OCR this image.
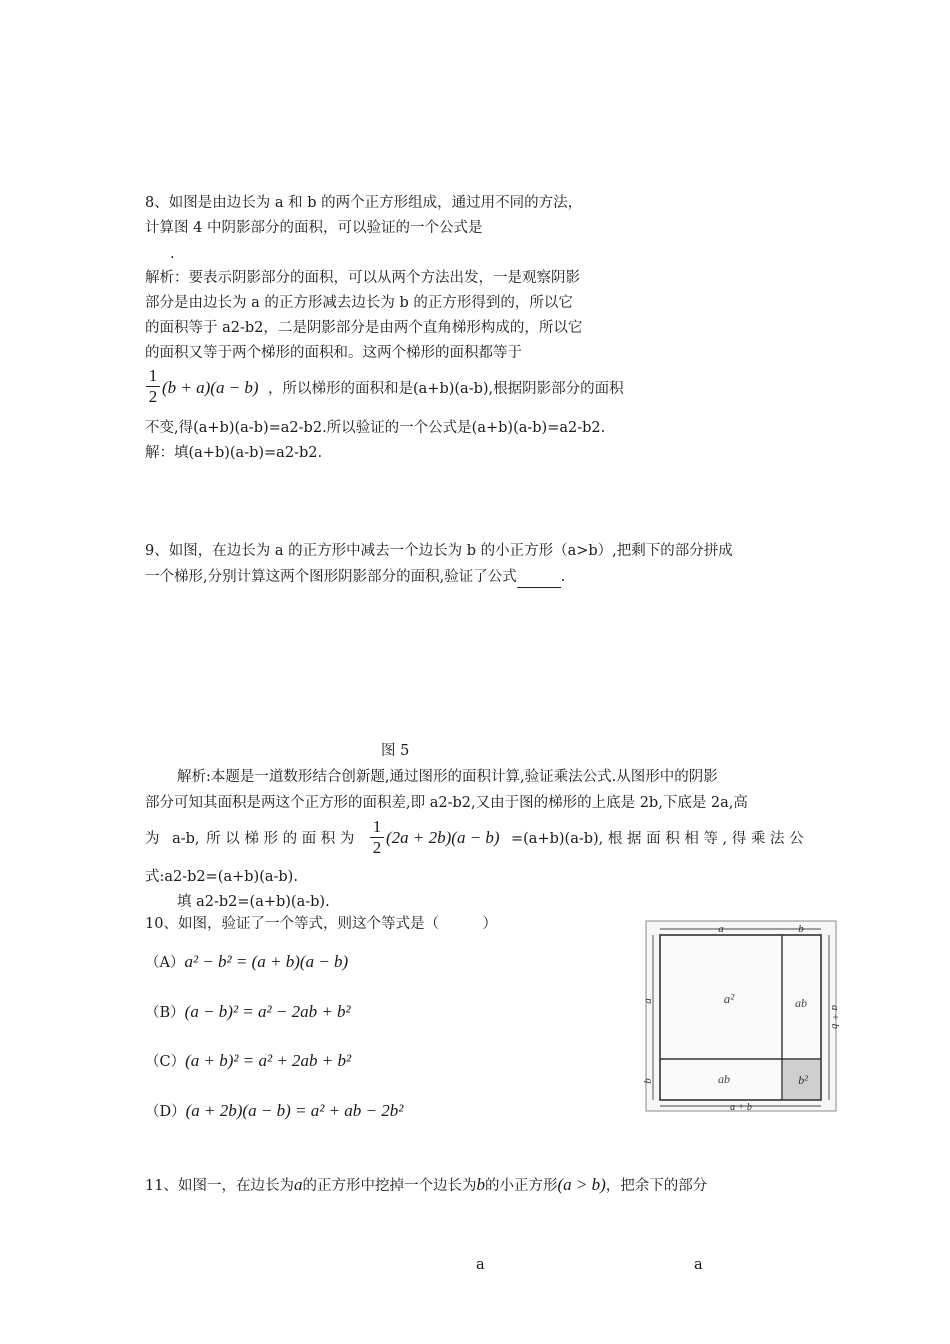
8、如图是由边长为 a 和 b 的两个正方形组成，通过用不同的方法，
计算图 4 中阴影部分的面积，可以验证的一个公式是
.
解析：要表示阴影部分的面积，可以从两个方法出发，一是观察阴影
部分是由边长为 a 的正方形减去边长为 b 的正方形得到的，所以它
的面积等于 a2-b2，二是阴影部分是由两个直角梯形构成的，所以它
的面积又等于两个梯形的面积和。这两个梯形的面积都等于
$\frac{1}{2} (b + a)(a - b)$ ，所以梯形的面积和是(a+b)(a-b),根据阴影部分的面积
不变,得(a+b)(a-b)=a2-b2.所以验证的一个公式是(a+b)(a-b)=a2-b2.
解：填(a+b)(a-b)=a2-b2.
9、如图，在边长为 a 的正方形中减去一个边长为 b 的小正方形（a>b）,把剩下的部分拼成
一个梯形,分别计算这两个图形阴影部分的面积,验证了公式	.
图 5
解析:本题是一道数形结合创新题,通过图形的面积计算,验证乘法公式.从图形中的阴影
部分可知其面积是两这个正方形的面积差,即 a2-b2,又由于图的梯形的上底是 2b,下底是 2a,高
为 a-b, 所 以 梯 形 的 面 积 为 $\frac{1}{2} (2a + 2b)(a - b) =(a+b)(a-b)$, 根 据 面 积 相 等 , 得 乘 法 公
式:a2-b2=(a+b)(a-b).
填 a2-b2=(a+b)(a-b).
10、如图，验证了一个等式，则这个等式是（　　　）
（A）a² − b² = (a + b)(a − b)
（B）(a − b)² = a² − 2ab + b²
（C）(a + b)² = a² + 2ab + b²
（D）(a + 2b)(a − b) = a² + ab − 2b²
a	b
a
b
a + b
a + b
a²	ab
ab	b²
11、如图一，在边长为a的正方形中挖掉一个边长为b的小正方形(a > b)，把余下的部分
a	a
